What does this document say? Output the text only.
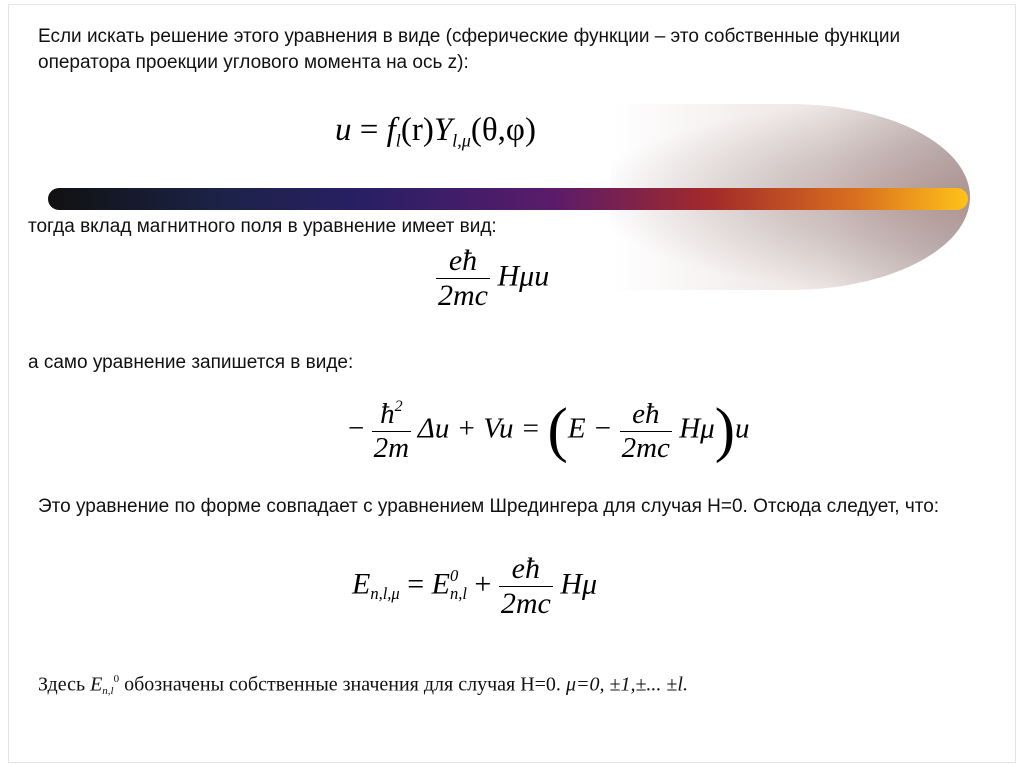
Если искать решение этого уравнения в виде (сферические функции – это собственные функции оператора проекции углового момента на ось z):
$u = f_l(r)Y_{l,\mu}(\theta,\varphi)$
тогда вклад магнитного поля в уравнение имеет вид:
$\frac{eħ}{2mc}$ Hμu
а само уравнение запишется в виде:
− $\frac{ħ^2}{2m}$ $\Delta u + Vu = (E - \frac{eħ}{2mc} H\mu)u$
Это уравнение по форме совпадает с уравнением Шредингера для случая H=0. Отсюда следует, что:
$E_{n,l,\mu} = E^0_{n,l} + \frac{eħ}{2mc}$ Hμ
Здесь $E_{n,l}^0$ обозначены собственные значения для случая H=0. μ=0, ±1,±... ±l.
